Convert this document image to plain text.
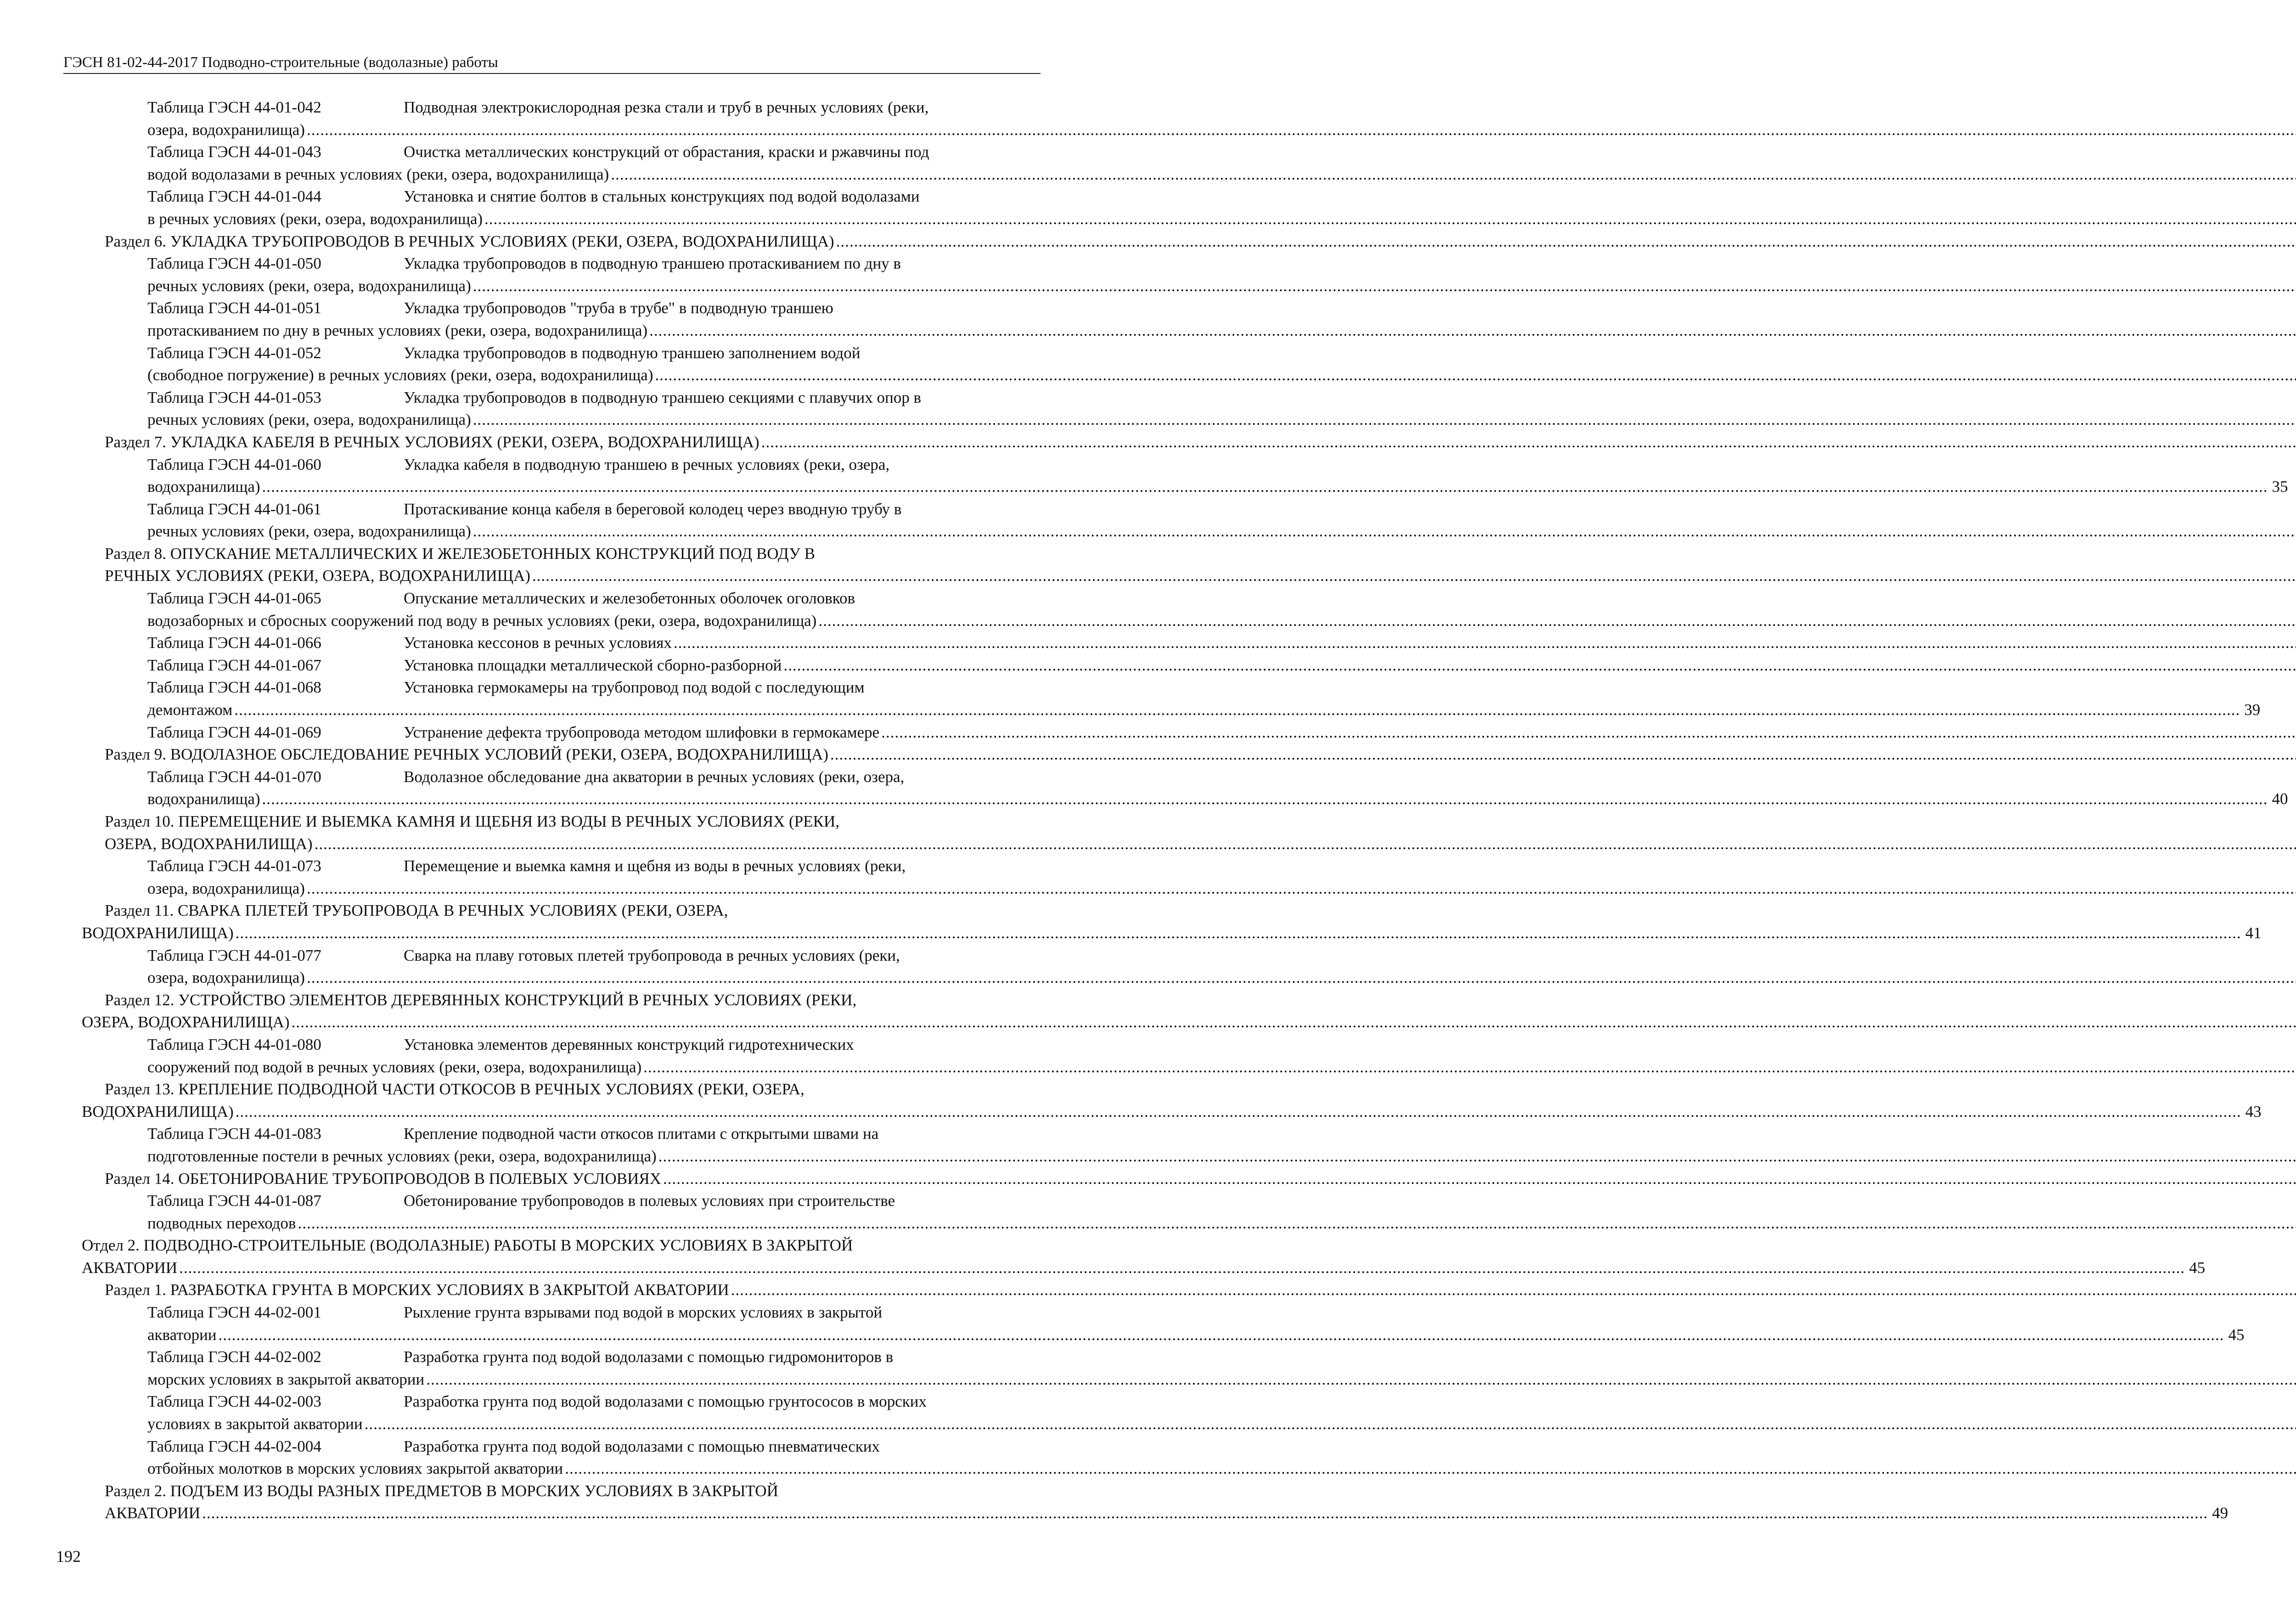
ГЭСН 81-02-44-2017 Подводно-строительные (водолазные) работы
Таблица ГЭСН 44-01-042	Подводная электрокислородная резка стали и труб в речных условиях (реки,
озера, водохранилища)
.....
Таблица ГЭСН 44-01-043	Очистка металлических конструкций от обрастания, краски и ржавчины под
водой водолазами в речных условиях (реки, озера, водохранилища)
.....
Таблица ГЭСН 44-01-044	Установка и снятие болтов в стальных конструкциях под водой водолазами
в речных условиях (реки, озера, водохранилища)
.....
Раздел 6. УКЛАДКА ТРУБОПРОВОДОВ В РЕЧНЫХ УСЛОВИЯХ (РЕКИ, ОЗЕРА, ВОДОХРАНИЛИЩА)
.....
Таблица ГЭСН 44-01-050	Укладка трубопроводов в подводную траншею протаскиванием по дну в
речных условиях (реки, озера, водохранилища)
.....
Таблица ГЭСН 44-01-051	Укладка трубопроводов "труба в трубе" в подводную траншею
протаскиванием по дну в речных условиях (реки, озера, водохранилища)
.....
Таблица ГЭСН 44-01-052	Укладка трубопроводов в подводную траншею заполнением водой
(свободное погружение) в речных условиях (реки, озера, водохранилища)
.....
Таблица ГЭСН 44-01-053	Укладка трубопроводов в подводную траншею секциями с плавучих опор в
речных условиях (реки, озера, водохранилища)
.....
Раздел 7. УКЛАДКА КАБЕЛЯ В РЕЧНЫХ УСЛОВИЯХ (РЕКИ, ОЗЕРА, ВОДОХРАНИЛИЩА)
.....
Таблица ГЭСН 44-01-060	Укладка кабеля в подводную траншею в речных условиях (реки, озера,
водохранилища) .....	35
Таблица ГЭСН 44-01-061	Протаскивание конца кабеля в береговой колодец через вводную трубу в
речных условиях (реки, озера, водохранилища)
.....
Раздел 8. ОПУСКАНИЕ МЕТАЛЛИЧЕСКИХ И ЖЕЛЕЗОБЕТОННЫХ КОНСТРУКЦИЙ ПОД ВОДУ В
РЕЧНЫХ УСЛОВИЯХ (РЕКИ, ОЗЕРА, ВОДОХРАНИЛИЩА)
.....
Таблица ГЭСН 44-01-065	Опускание металлических и железобетонных оболочек оголовков
водозаборных и сбросных сооружений под воду в речных условиях (реки, озера, водохранилища)
.....
Таблица ГЭСН 44-01-066	Установка кессонов в речных условиях
.....
Таблица ГЭСН 44-01-067	Установка площадки металлической сборно-разборной
.....
Таблица ГЭСН 44-01-068	Установка гермокамеры на трубопровод под водой с последующим
демонтажом .....	39
Таблица ГЭСН 44-01-069	Устранение дефекта трубопровода методом шлифовки в гермокамере
.....
Раздел 9. ВОДОЛАЗНОЕ ОБСЛЕДОВАНИЕ РЕЧНЫХ УСЛОВИЙ (РЕКИ, ОЗЕРА, ВОДОХРАНИЛИЩА)
.....
Таблица ГЭСН 44-01-070	Водолазное обследование дна акватории в речных условиях (реки, озера,
водохранилища) .....	40
Раздел 10. ПЕРЕМЕЩЕНИЕ И ВЫЕМКА КАМНЯ И ЩЕБНЯ ИЗ ВОДЫ В РЕЧНЫХ УСЛОВИЯХ (РЕКИ,
ОЗЕРА, ВОДОХРАНИЛИЩА)
.....
Таблица ГЭСН 44-01-073	Перемещение и выемка камня и щебня из воды в речных условиях (реки,
озера, водохранилища)
.....
Раздел 11. СВАРКА ПЛЕТЕЙ ТРУБОПРОВОДА В РЕЧНЫХ УСЛОВИЯХ (РЕКИ, ОЗЕРА,
ВОДОХРАНИЛИЩА) .....	41
Таблица ГЭСН 44-01-077	Сварка на плаву готовых плетей трубопровода в речных условиях (реки,
озера, водохранилища)
.....
Раздел 12. УСТРОЙСТВО ЭЛЕМЕНТОВ ДЕРЕВЯННЫХ КОНСТРУКЦИЙ В РЕЧНЫХ УСЛОВИЯХ (РЕКИ,
ОЗЕРА, ВОДОХРАНИЛИЩА)
.....
Таблица ГЭСН 44-01-080	Установка элементов деревянных конструкций гидротехнических
сооружений под водой в речных условиях (реки, озера, водохранилища)
.....
Раздел 13. КРЕПЛЕНИЕ ПОДВОДНОЙ ЧАСТИ ОТКОСОВ В РЕЧНЫХ УСЛОВИЯХ (РЕКИ, ОЗЕРА,
ВОДОХРАНИЛИЩА) .....	43
Таблица ГЭСН 44-01-083	Крепление подводной части откосов плитами с открытыми швами на
подготовленные постели в речных условиях (реки, озера, водохранилища)
.....
Раздел 14. ОБЕТОНИРОВАНИЕ ТРУБОПРОВОДОВ В ПОЛЕВЫХ УСЛОВИЯХ
.....
Таблица ГЭСН 44-01-087	Обетонирование трубопроводов в полевых условиях при строительстве
подводных переходов
.....
Отдел 2. ПОДВОДНО-СТРОИТЕЛЬНЫЕ (ВОДОЛАЗНЫЕ) РАБОТЫ В МОРСКИХ УСЛОВИЯХ В ЗАКРЫТОЙ
АКВАТОРИИ .....	45
Раздел 1. РАЗРАБОТКА ГРУНТА В МОРСКИХ УСЛОВИЯХ В ЗАКРЫТОЙ АКВАТОРИИ
.....
Таблица ГЭСН 44-02-001	Рыхление грунта взрывами под водой в морских условиях в закрытой
акватории .....	45
Таблица ГЭСН 44-02-002	Разработка грунта под водой водолазами с помощью гидромониторов в
морских условиях в закрытой акватории
.....
Таблица ГЭСН 44-02-003	Разработка грунта под водой водолазами с помощью грунтососов в морских
условиях в закрытой акватории
.....
Таблица ГЭСН 44-02-004	Разработка грунта под водой водолазами с помощью пневматических
отбойных молотков в морских условиях закрытой акватории
.....
Раздел 2. ПОДЪЕМ ИЗ ВОДЫ РАЗНЫХ ПРЕДМЕТОВ В МОРСКИХ УСЛОВИЯХ В ЗАКРЫТОЙ
АКВАТОРИИ .....	49
192
